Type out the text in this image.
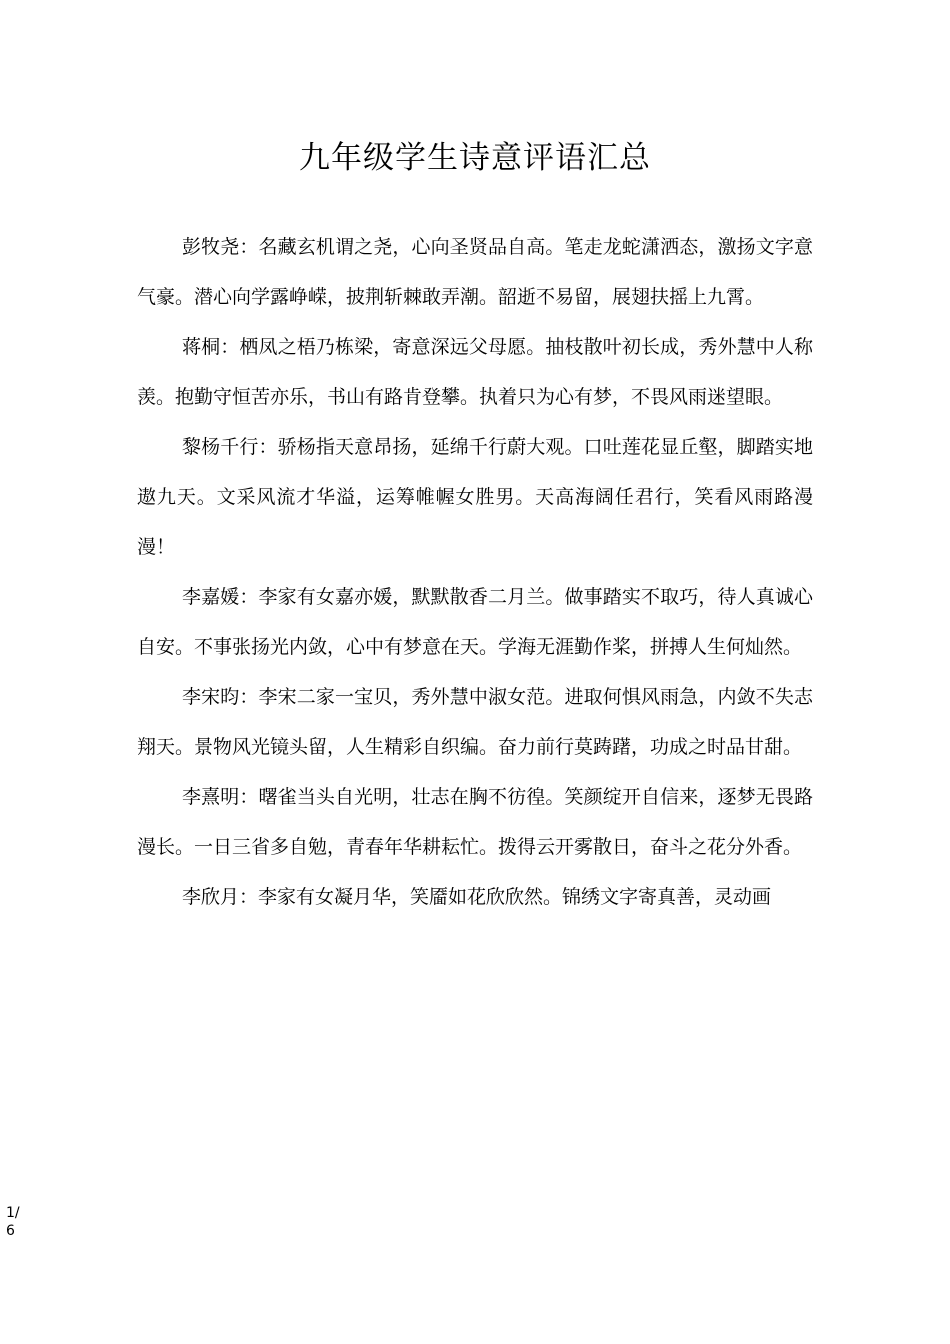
九年级学生诗意评语汇总

彭牧尧：名藏玄机谓之尧，心向圣贤品自高。笔走龙蛇潇洒态，激扬文字意气豪。潜心向学露峥嵘，披荆斩棘敢弄潮。韶逝不易留，展翅扶摇上九霄。

蒋桐：栖凤之梧乃栋梁，寄意深远父母愿。抽枝散叶初长成，秀外慧中人称羡。抱勤守恒苦亦乐，书山有路肯登攀。执着只为心有梦，不畏风雨迷望眼。

黎杨千行：骄杨指天意昂扬，延绵千行蔚大观。口吐莲花显丘壑，脚踏实地遨九天。文采风流才华溢，运筹帷幄女胜男。天高海阔任君行，笑看风雨路漫漫！

李嘉媛：李家有女嘉亦媛，默默散香二月兰。做事踏实不取巧，待人真诚心自安。不事张扬光内敛，心中有梦意在天。学海无涯勤作桨，拼搏人生何灿然。

李宋昀：李宋二家一宝贝，秀外慧中淑女范。进取何惧风雨急，内敛不失志翔天。景物风光镜头留，人生精彩自织编。奋力前行莫踌躇，功成之时品甘甜。

李熹明：曙雀当头自光明，壮志在胸不彷徨。笑颜绽开自信来，逐梦无畏路漫长。一日三省多自勉，青春年华耕耘忙。拨得云开雾散日，奋斗之花分外香。

李欣月：李家有女凝月华，笑靥如花欣欣然。锦绣文字寄真善，灵动画

1/6
